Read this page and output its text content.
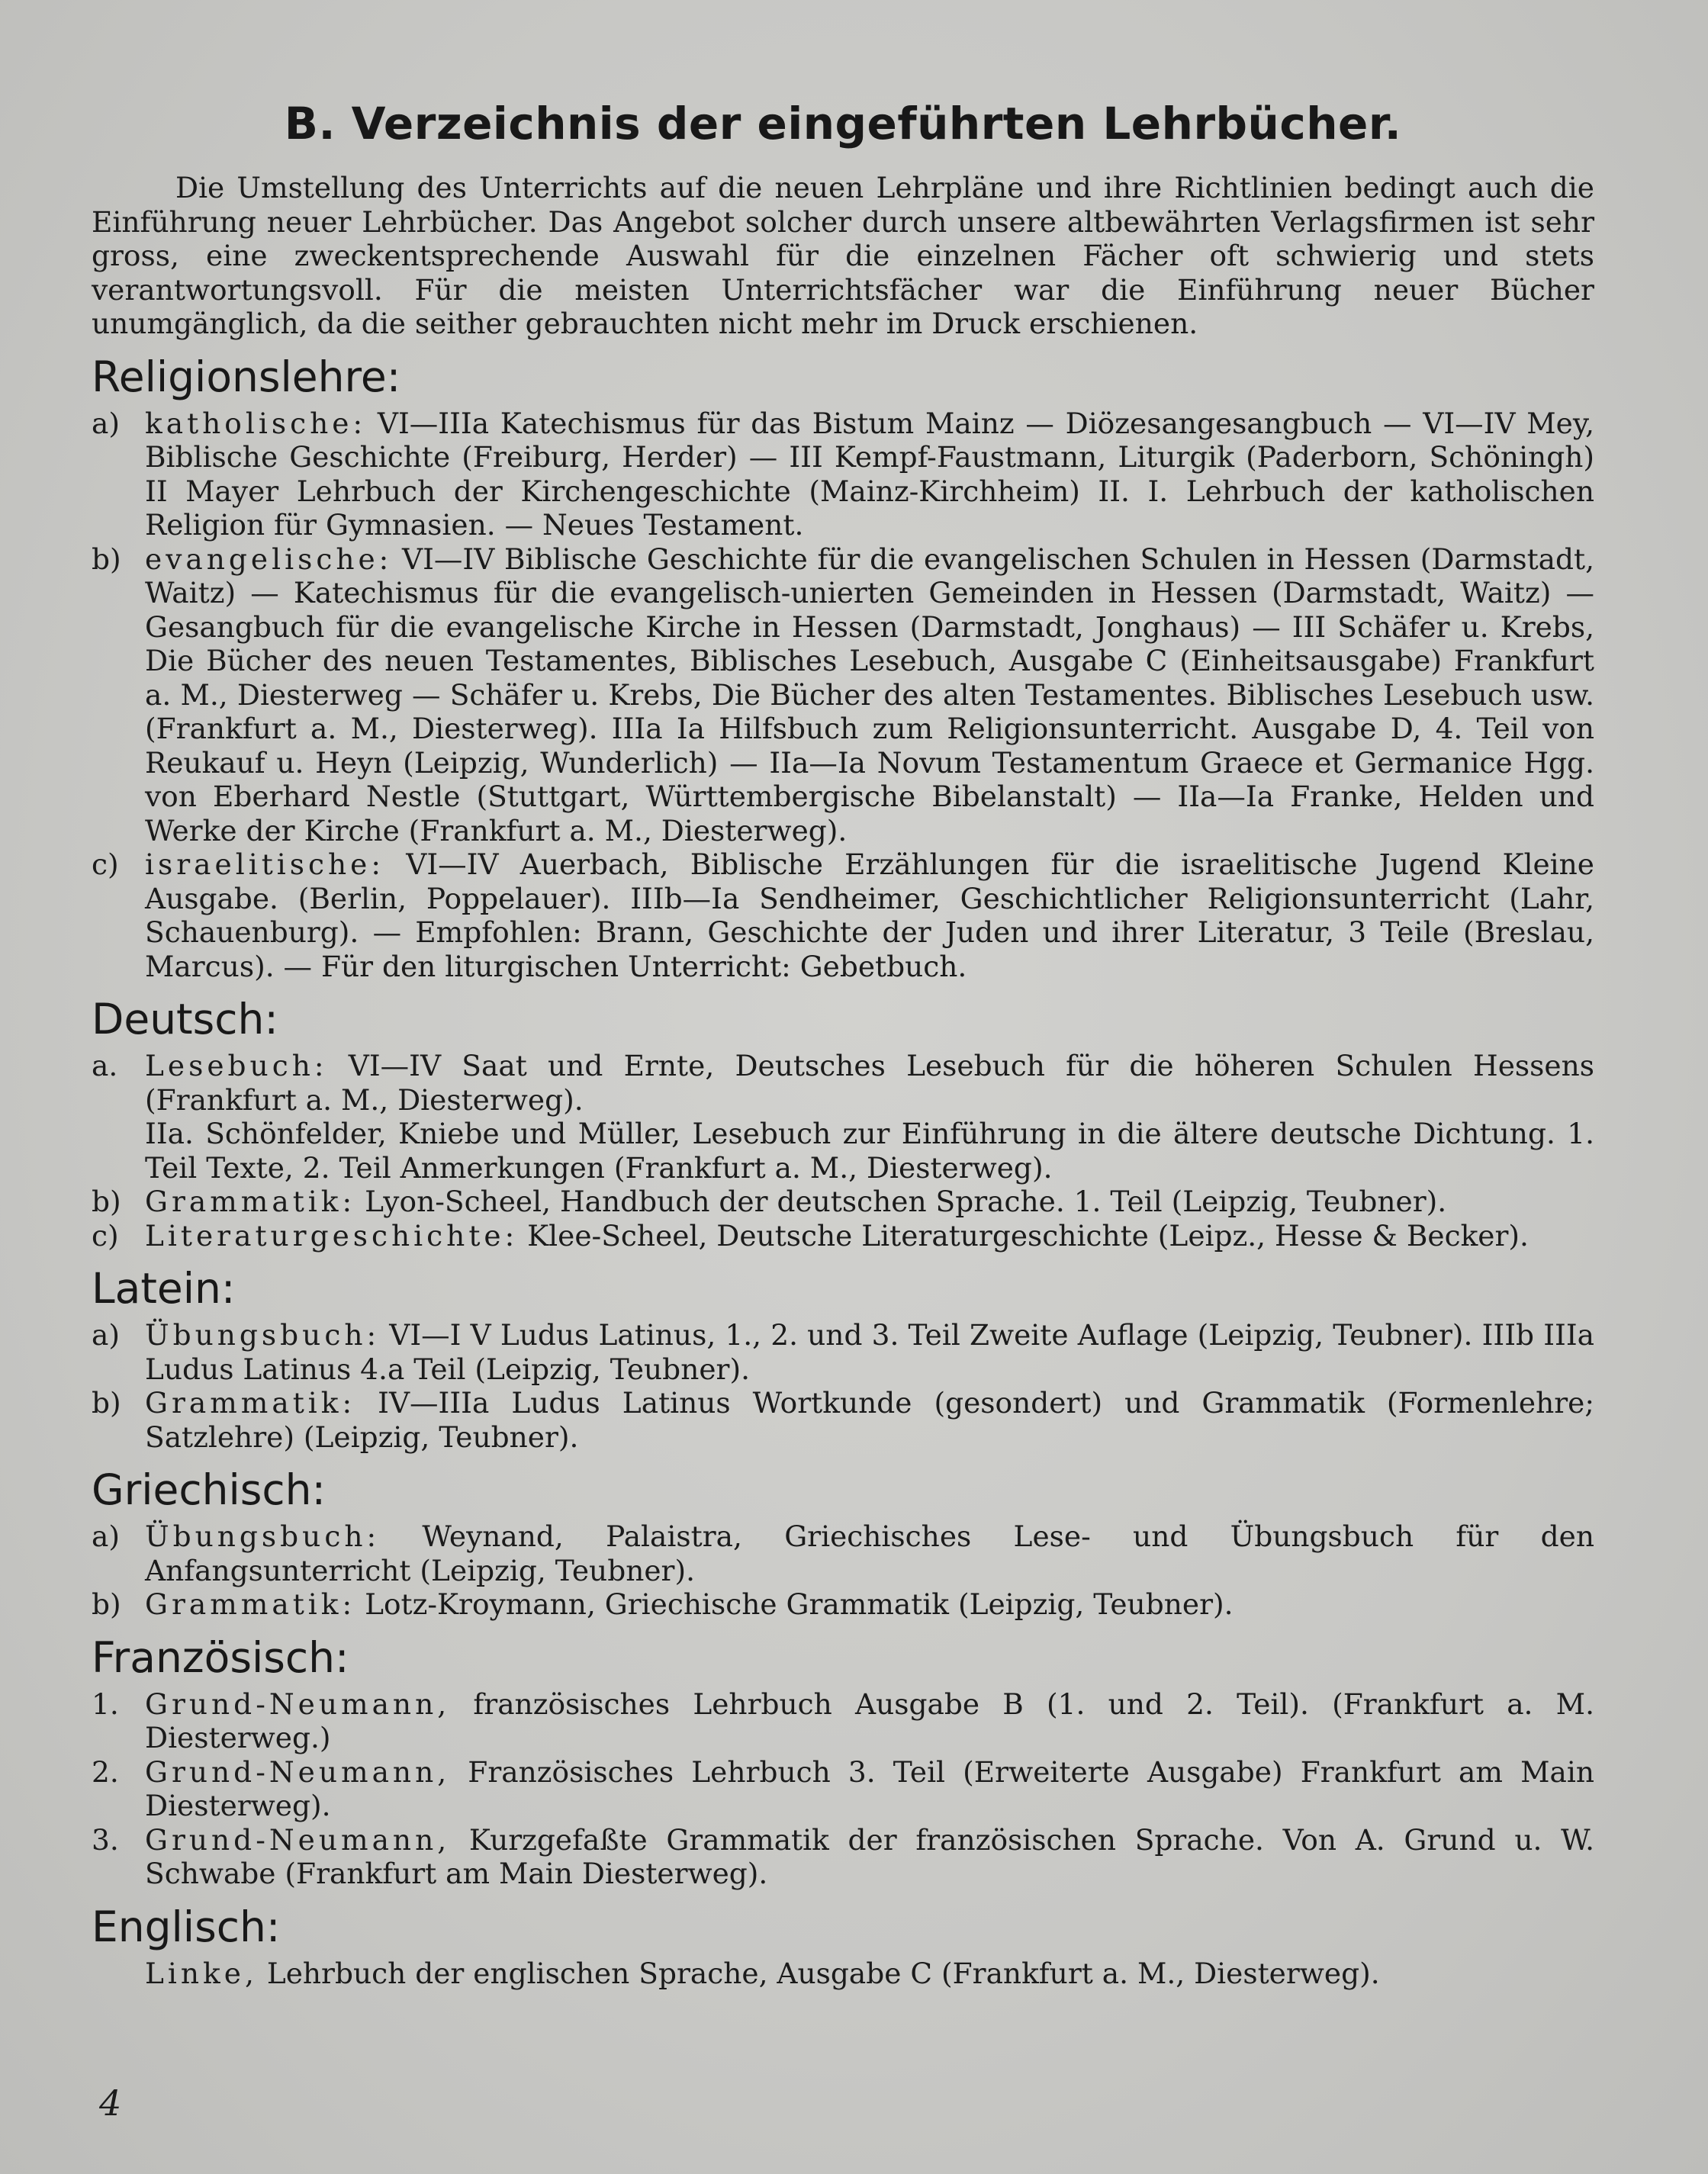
B. Verzeichnis der eingeführten Lehrbücher.

Die Umstellung des Unterrichts auf die neuen Lehrpläne und ihre Richtlinien bedingt auch die Einführung neuer Lehrbücher. Das Angebot solcher durch unsere altbewährten Verlagsfirmen ist sehr gross, eine zweckentsprechende Auswahl für die einzelnen Fächer oft schwierig und stets verantwortungsvoll. Für die meisten Unterrichtsfächer war die Einführung neuer Bücher unumgänglich, da die seither gebrauchten nicht mehr im Druck erschienen.

Religionslehre:
a) katholische: VI—IIIa Katechismus für das Bistum Mainz — Diözesangesangbuch — VI—IV Mey, Biblische Geschichte (Freiburg, Herder) — III Kempf-Faustmann, Liturgik (Paderborn, Schöningh) II Mayer Lehrbuch der Kirchengeschichte (Mainz-Kirchheim) II. I. Lehrbuch der katholischen Religion für Gymnasien. — Neues Testament.
b) evangelische: VI—IV Biblische Geschichte für die evangelischen Schulen in Hessen (Darmstadt, Waitz) — Katechismus für die evangelisch-unierten Gemeinden in Hessen (Darmstadt, Waitz) — Gesangbuch für die evangelische Kirche in Hessen (Darmstadt, Jonghaus) — III Schäfer u. Krebs, Die Bücher des neuen Testamentes, Biblisches Lesebuch, Ausgabe C (Einheitsausgabe) Frankfurt a. M., Diesterweg — Schäfer u. Krebs, Die Bücher des alten Testamentes. Biblisches Lesebuch usw. (Frankfurt a. M., Diesterweg). IIIa Ia Hilfsbuch zum Religionsunterricht. Ausgabe D, 4. Teil von Reukauf u. Heyn (Leipzig, Wunderlich) — IIa—Ia Novum Testamentum Graece et Germanice Hgg. von Eberhard Nestle (Stuttgart, Württembergische Bibelanstalt) — IIa—Ia Franke, Helden und Werke der Kirche (Frankfurt a. M., Diesterweg).
c) israelitische: VI—IV Auerbach, Biblische Erzählungen für die israelitische Jugend Kleine Ausgabe. (Berlin, Poppelauer). IIIb—Ia Sendheimer, Geschichtlicher Religionsunterricht (Lahr, Schauenburg). — Empfohlen: Brann, Geschichte der Juden und ihrer Literatur, 3 Teile (Breslau, Marcus). — Für den liturgischen Unterricht: Gebetbuch.
Deutsch:
a. Lesebuch: VI—IV Saat und Ernte, Deutsches Lesebuch für die höheren Schulen Hessens (Frankfurt a. M., Diesterweg).
IIa. Schönfelder, Kniebe und Müller, Lesebuch zur Einführung in die ältere deutsche Dichtung. 1. Teil Texte, 2. Teil Anmerkungen (Frankfurt a. M., Diesterweg).
b) Grammatik: Lyon-Scheel, Handbuch der deutschen Sprache. 1. Teil (Leipzig, Teubner).
c) Literaturgeschichte: Klee-Scheel, Deutsche Literaturgeschichte (Leipz., Hesse & Becker).
Latein:
a) Übungsbuch: VI—I V Ludus Latinus, 1., 2. und 3. Teil Zweite Auflage (Leipzig, Teubner). IIIb IIIa Ludus Latinus 4.a Teil (Leipzig, Teubner).
b) Grammatik: IV—IIIa Ludus Latinus Wortkunde (gesondert) und Grammatik (Formenlehre; Satzlehre) (Leipzig, Teubner).
Griechisch:
a) Übungsbuch: Weynand, Palaistra, Griechisches Lese- und Übungsbuch für den Anfangsunterricht (Leipzig, Teubner).
b) Grammatik: Lotz-Kroymann, Griechische Grammatik (Leipzig, Teubner).
Französisch:
1. Grund-Neumann, französisches Lehrbuch Ausgabe B (1. und 2. Teil). (Frankfurt a. M. Diesterweg.)
2. Grund-Neumann, Französisches Lehrbuch 3. Teil (Erweiterte Ausgabe) Frankfurt am Main Diesterweg).
3. Grund-Neumann, Kurzgefaßte Grammatik der französischen Sprache. Von A. Grund u. W. Schwabe (Frankfurt am Main Diesterweg).
Englisch:
Linke, Lehrbuch der englischen Sprache, Ausgabe C (Frankfurt a. M., Diesterweg).
4
